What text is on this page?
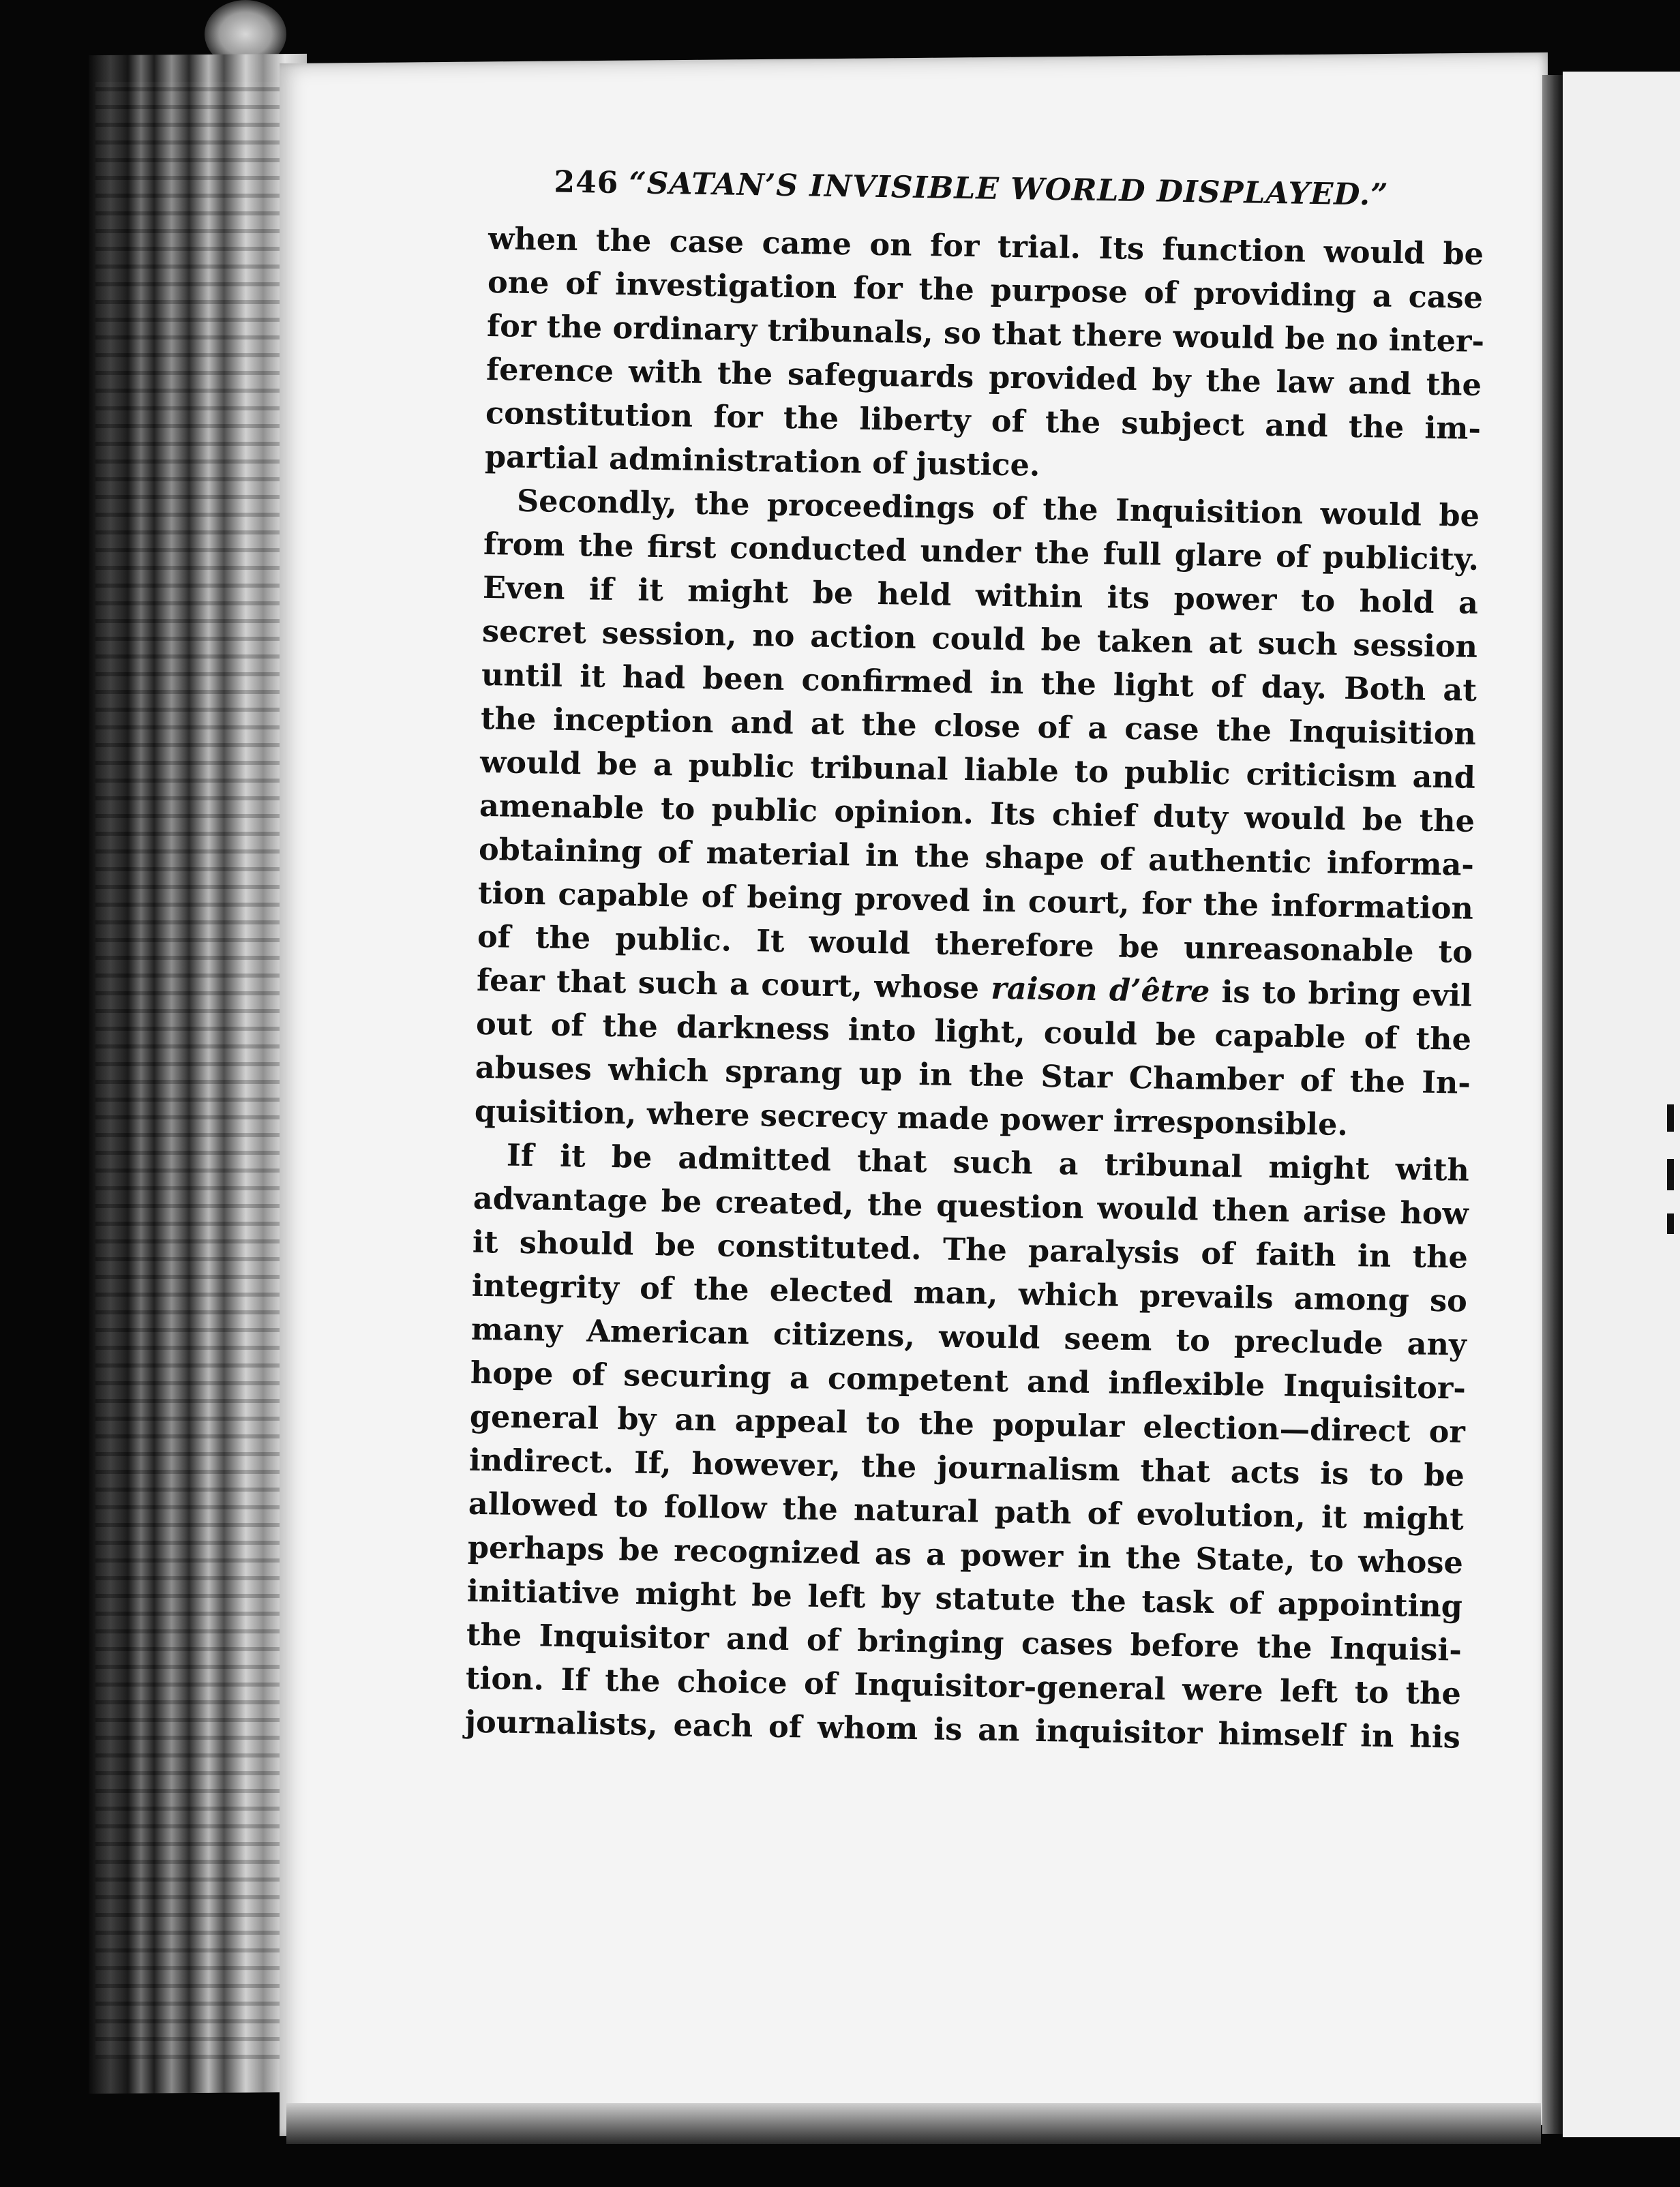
246 “SATAN’S INVISIBLE WORLD DISPLAYED.”
when the case came on for trial. Its function would be
one of investigation for the purpose of providing a case
for the ordinary tribunals, so that there would be no inter-
ference with the safeguards provided by the law and the
constitution for the liberty of the subject and the im-
partial administration of justice.
Secondly, the proceedings of the Inquisition would be
from the first conducted under the full glare of publicity.
Even if it might be held within its power to hold a
secret session, no action could be taken at such session
until it had been confirmed in the light of day. Both at
the inception and at the close of a case the Inquisition
would be a public tribunal liable to public criticism and
amenable to public opinion. Its chief duty would be the
obtaining of material in the shape of authentic informa-
tion capable of being proved in court, for the information
of the public. It would therefore be unreasonable to
fear that such a court, whose raison d’être is to bring evil
out of the darkness into light, could be capable of the
abuses which sprang up in the Star Chamber of the In-
quisition, where secrecy made power irresponsible.
If it be admitted that such a tribunal might with
advantage be created, the question would then arise how
it should be constituted. The paralysis of faith in the
integrity of the elected man, which prevails among so
many American citizens, would seem to preclude any
hope of securing a competent and inflexible Inquisitor-
general by an appeal to the popular election—direct or
indirect. If, however, the journalism that acts is to be
allowed to follow the natural path of evolution, it might
perhaps be recognized as a power in the State, to whose
initiative might be left by statute the task of appointing
the Inquisitor and of bringing cases before the Inquisi-
tion. If the choice of Inquisitor-general were left to the
journalists, each of whom is an inquisitor himself in his
